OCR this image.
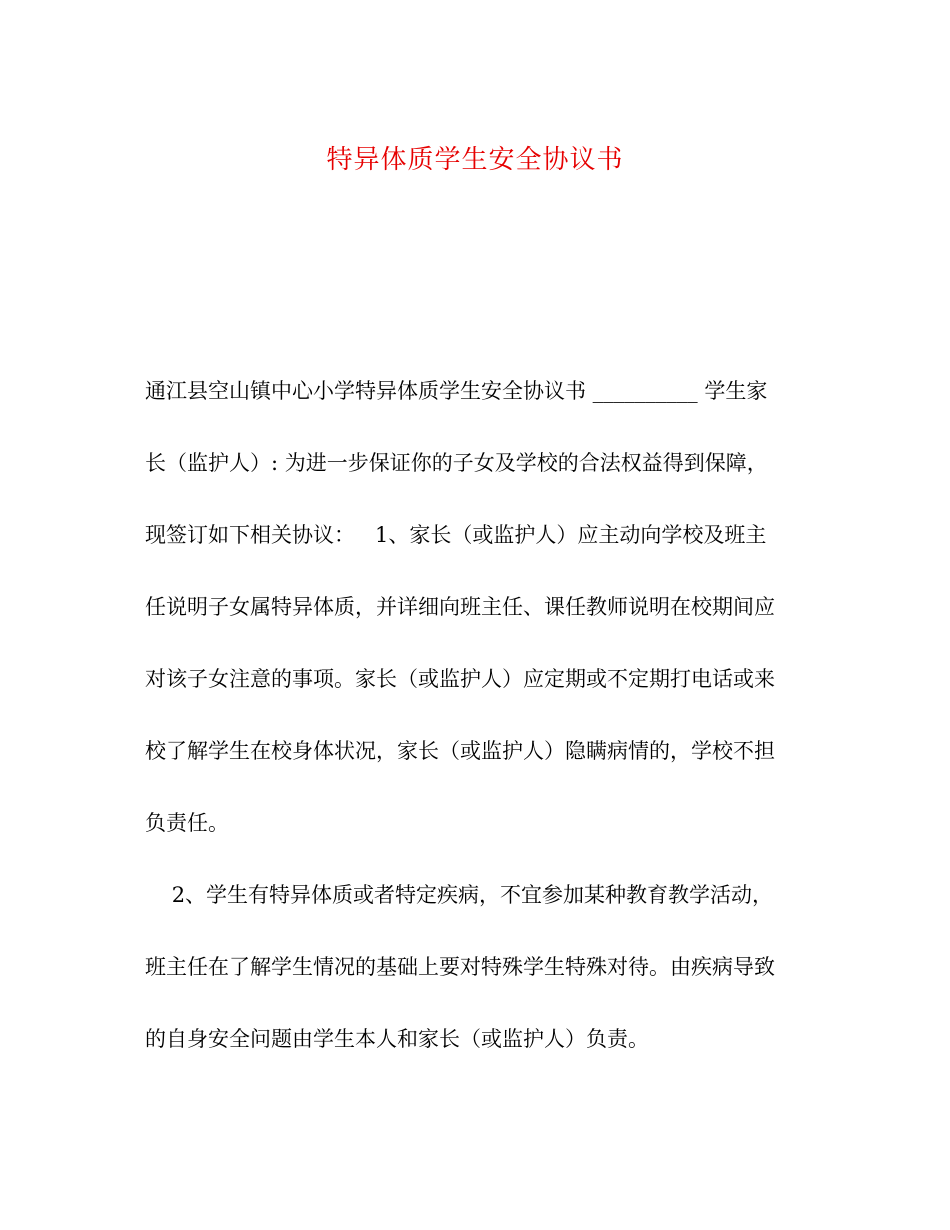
特异体质学生安全协议书

通江县空山镇中心小学特异体质学生安全协议书 __________ 学生家

长（监护人）: 为进一步保证你的子女及学校的合法权益得到保障，

现签订如下相关协议：   1、家长（或监护人）应主动向学校及班主

任说明子女属特异体质，并详细向班主任、课任教师说明在校期间应

对该子女注意的事项。家长（或监护人）应定期或不定期打电话或来

校了解学生在校身体状况，家长（或监护人）隐瞒病情的，学校不担

负责任。

2、学生有特异体质或者特定疾病，不宜参加某种教育教学活动，

班主任在了解学生情况的基础上要对特殊学生特殊对待。由疾病导致

的自身安全问题由学生本人和家长（或监护人）负责。
